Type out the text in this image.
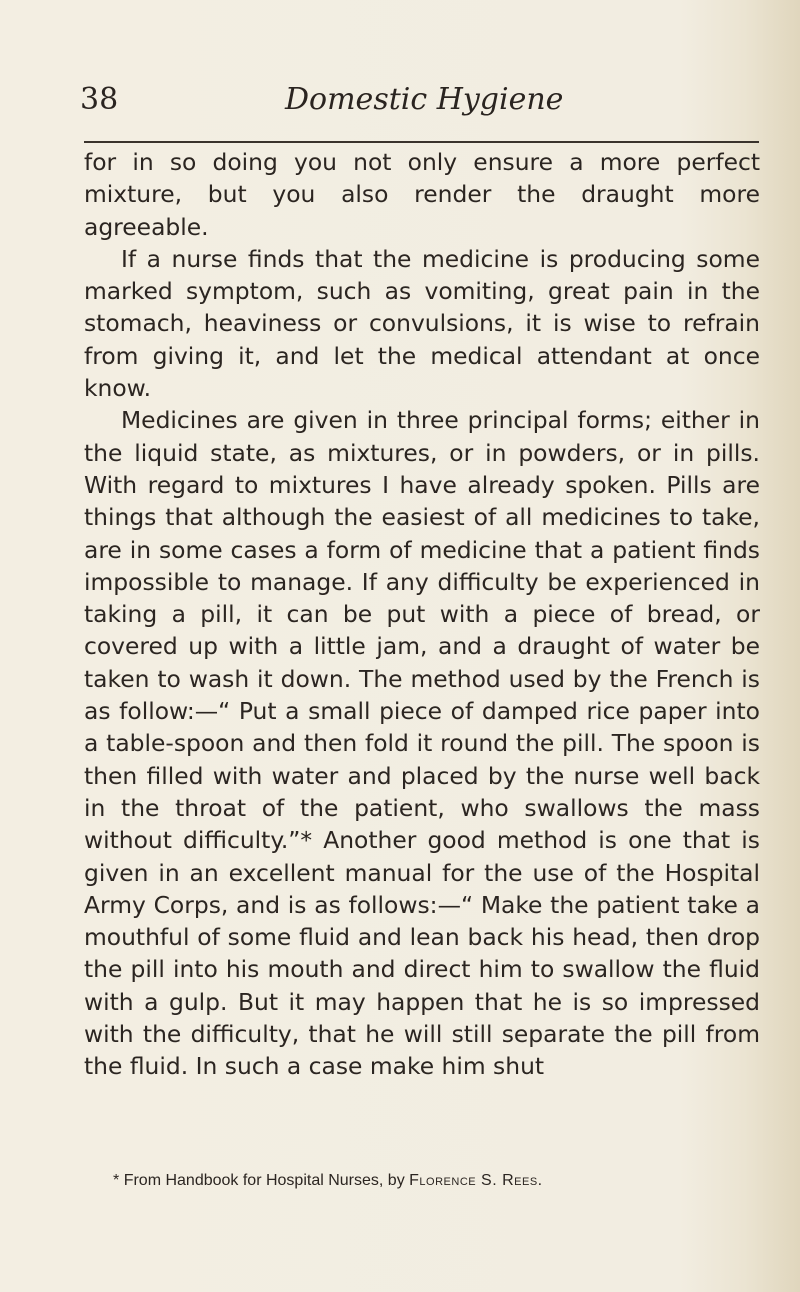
38	Domestic Hygiene

for in so doing you not only ensure a more perfect mixture, but you also render the draught more agreeable.

If a nurse finds that the medicine is producing some marked symptom, such as vomiting, great pain in the stomach, heaviness or convulsions, it is wise to refrain from giving it, and let the medical attendant at once know.

Medicines are given in three principal forms; either in the liquid state, as mixtures, or in powders, or in pills. With regard to mixtures I have already spoken. Pills are things that although the easiest of all medicines to take, are in some cases a form of medicine that a patient finds impossible to manage. If any difficulty be experienced in taking a pill, it can be put with a piece of bread, or covered up with a little jam, and a draught of water be taken to wash it down. The method used by the French is as follow:—“ Put a small piece of damped rice paper into a table-spoon and then fold it round the pill. The spoon is then filled with water and placed by the nurse well back in the throat of the patient, who swallows the mass without difficulty.”* Another good method is one that is given in an excellent manual for the use of the Hospital Army Corps, and is as follows:—“ Make the patient take a mouthful of some fluid and lean back his head, then drop the pill into his mouth and direct him to swallow the fluid with a gulp. But it may happen that he is so impressed with the difficulty, that he will still separate the pill from the fluid. In such a case make him shut

* From Handbook for Hospital Nurses, by Florence S. Rees.
